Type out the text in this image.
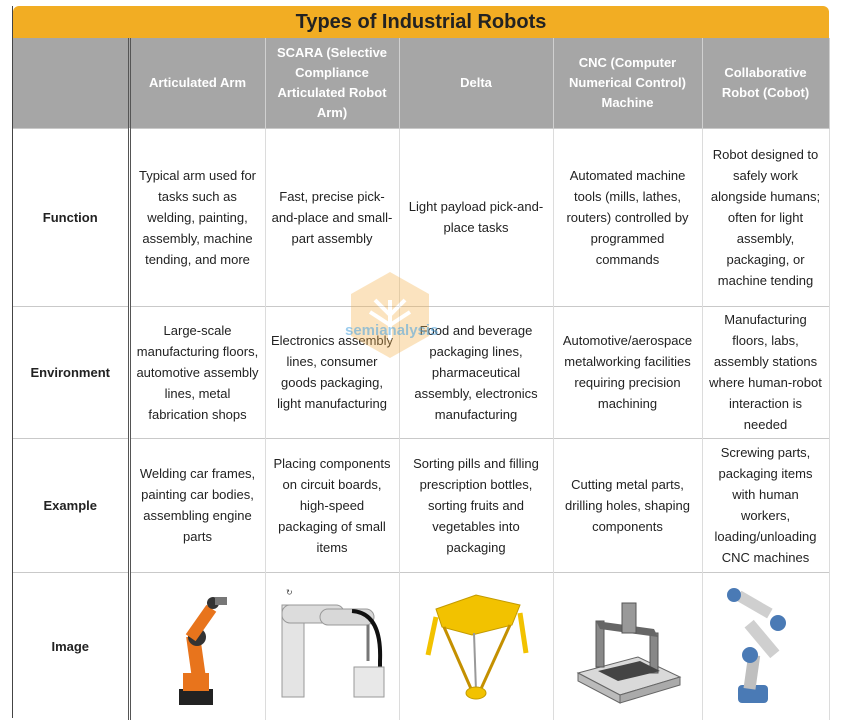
Types of Industrial Robots
	Articulated Arm	SCARA (Selective Compliance Articulated Robot Arm)	Delta	CNC (Computer Numerical Control) Machine	Collaborative Robot (Cobot)
Function	Typical arm used for tasks such as welding, painting, assembly, machine tending, and more	Fast, precise pick-and-place and small-part assembly	Light payload pick-and-place tasks	Automated machine tools (mills, lathes, routers) controlled by programmed commands	Robot designed to safely work alongside humans; often for light assembly, packaging, or machine tending
Environment	Large-scale manufacturing floors, automotive assembly lines, metal fabrication shops	Electronics assembly lines, consumer goods packaging, light manufacturing	Food and beverage packaging lines, pharmaceutical assembly, electronics manufacturing	Automotive/aerospace metalworking facilities requiring precision machining	Manufacturing floors, labs, assembly stations where human-robot interaction is needed
Example	Welding car frames, painting car bodies, assembling engine parts	Placing components on circuit boards, high-speed packaging of small items	Sorting pills and filling prescription bottles, sorting fruits and vegetables into packaging	Cutting metal parts, drilling holes, shaping components	Screwing parts, packaging items with human workers, loading/unloading CNC machines
Image		↻

semianalysis
